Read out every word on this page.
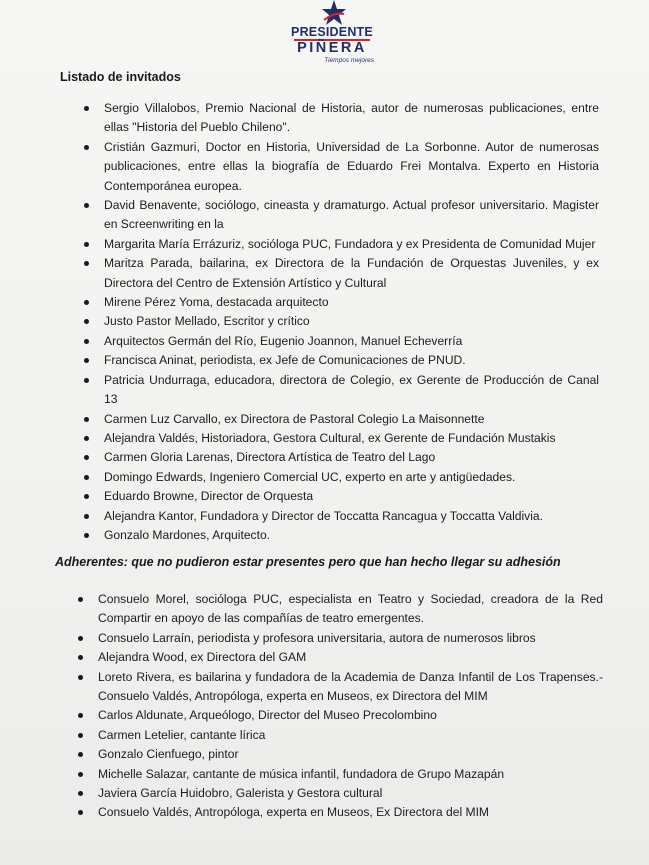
PRESIDENTE
PIÑERA
Tiempos mejores
Listado de invitados
Sergio Villalobos, Premio Nacional de Historia, autor de numerosas publicaciones, entre ellas "Historia del Pueblo Chileno".
Cristián Gazmuri, Doctor en Historia, Universidad de La Sorbonne. Autor de numerosas publicaciones, entre ellas la biografía de Eduardo Frei Montalva. Experto en Historia Contemporánea europea.
David Benavente, sociólogo, cineasta y dramaturgo. Actual profesor universitario. Magister en Screenwriting en la
Margarita María Errázuriz, socióloga PUC, Fundadora y ex Presidenta de Comunidad Mujer
Maritza Parada, bailarina, ex Directora de la Fundación de Orquestas Juveniles, y ex Directora del Centro de Extensión Artístico y Cultural
Mirene Pérez Yoma, destacada arquitecto
Justo Pastor Mellado, Escritor y crítico
Arquitectos Germán del Río, Eugenio Joannon, Manuel Echeverría
Francisca Aninat, periodista, ex Jefe de Comunicaciones de PNUD.
Patricia Undurraga, educadora, directora de Colegio, ex Gerente de Producción de Canal 13
Carmen Luz Carvallo, ex Directora de Pastoral Colegio La Maisonnette
Alejandra Valdés, Historiadora, Gestora Cultural, ex Gerente de Fundación Mustakis
Carmen Gloria Larenas, Directora Artística de Teatro del Lago
Domingo Edwards, Ingeniero Comercial UC, experto en arte y antigüedades.
Eduardo Browne, Director de Orquesta
Alejandra Kantor, Fundadora y Director de Toccatta Rancagua y Toccatta Valdivia.
Gonzalo Mardones, Arquitecto.
Adherentes: que no pudieron estar presentes pero que han hecho llegar su adhesión
Consuelo Morel, socióloga PUC, especialista en Teatro y Sociedad, creadora de la Red Compartir en apoyo de las compañías de teatro emergentes.
Consuelo Larraín, periodista y profesora universitaria, autora de numerosos libros
Alejandra Wood, ex Directora del GAM
Loreto Rivera, es bailarina y fundadora de la Academia de Danza Infantil de Los Trapenses.- Consuelo Valdés, Antropóloga, experta en Museos, ex Directora del MIM
Carlos Aldunate, Arqueólogo, Director del Museo Precolombino
Carmen Letelier, cantante lírica
Gonzalo Cienfuego, pintor
Michelle Salazar, cantante de música infantil, fundadora de Grupo Mazapán
Javiera García Huidobro, Galerista y Gestora cultural
Consuelo Valdés, Antropóloga, experta en Museos, Ex Directora del MIM
